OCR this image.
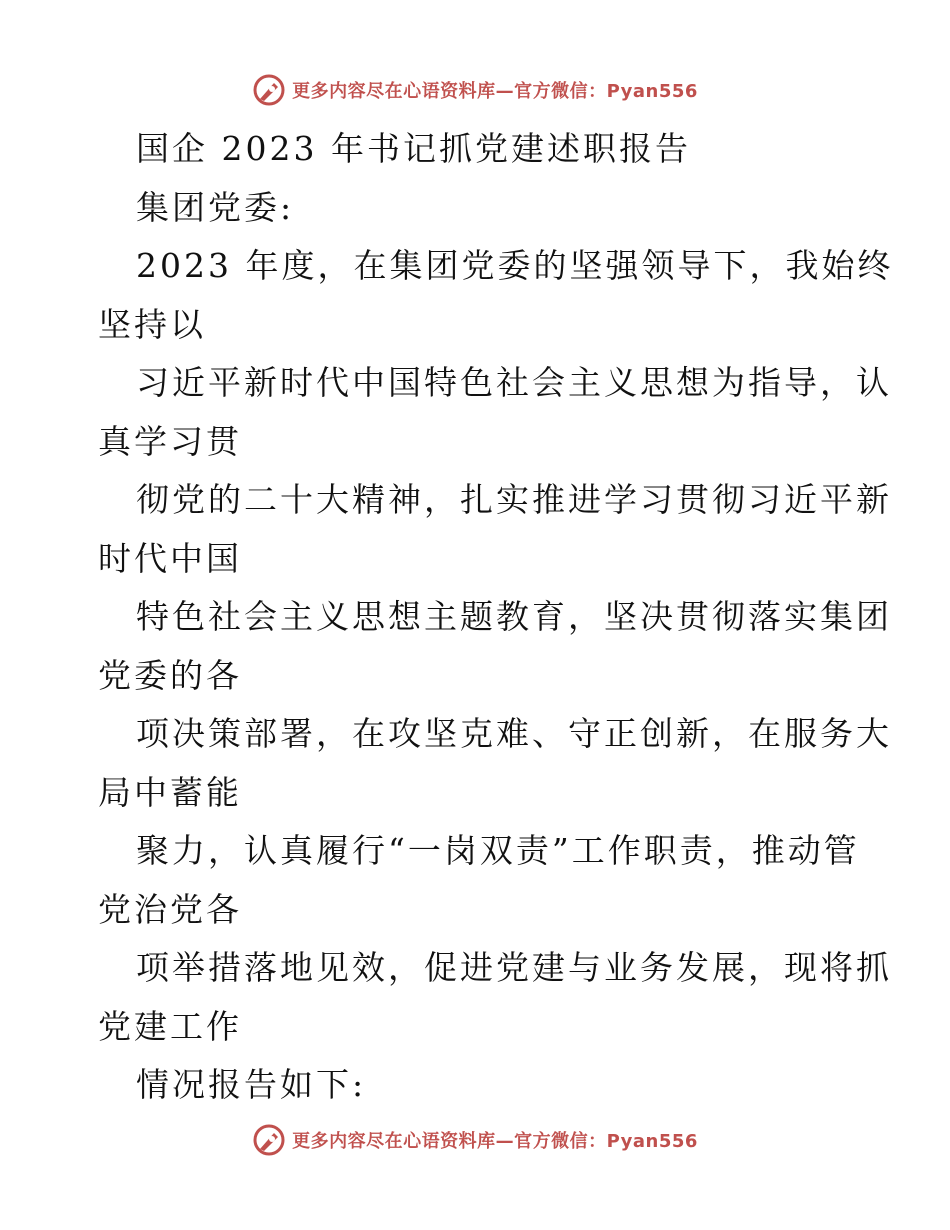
更多内容尽在心语资料库—官方微信：Pyan556
国企 2023 年书记抓党建述职报告
集团党委:
2023 年度，在集团党委的坚强领导下，我始终
坚持以
习近平新时代中国特色社会主义思想为指导，认
真学习贯
彻党的二十大精神，扎实推进学习贯彻习近平新
时代中国
特色社会主义思想主题教育，坚决贯彻落实集团
党委的各
项决策部署，在攻坚克难、守正创新，在服务大
局中蓄能
聚力，认真履行“一岗双责”工作职责，推动管
党治党各
项举措落地见效，促进党建与业务发展，现将抓
党建工作
情况报告如下:
更多内容尽在心语资料库—官方微信：Pyan556
